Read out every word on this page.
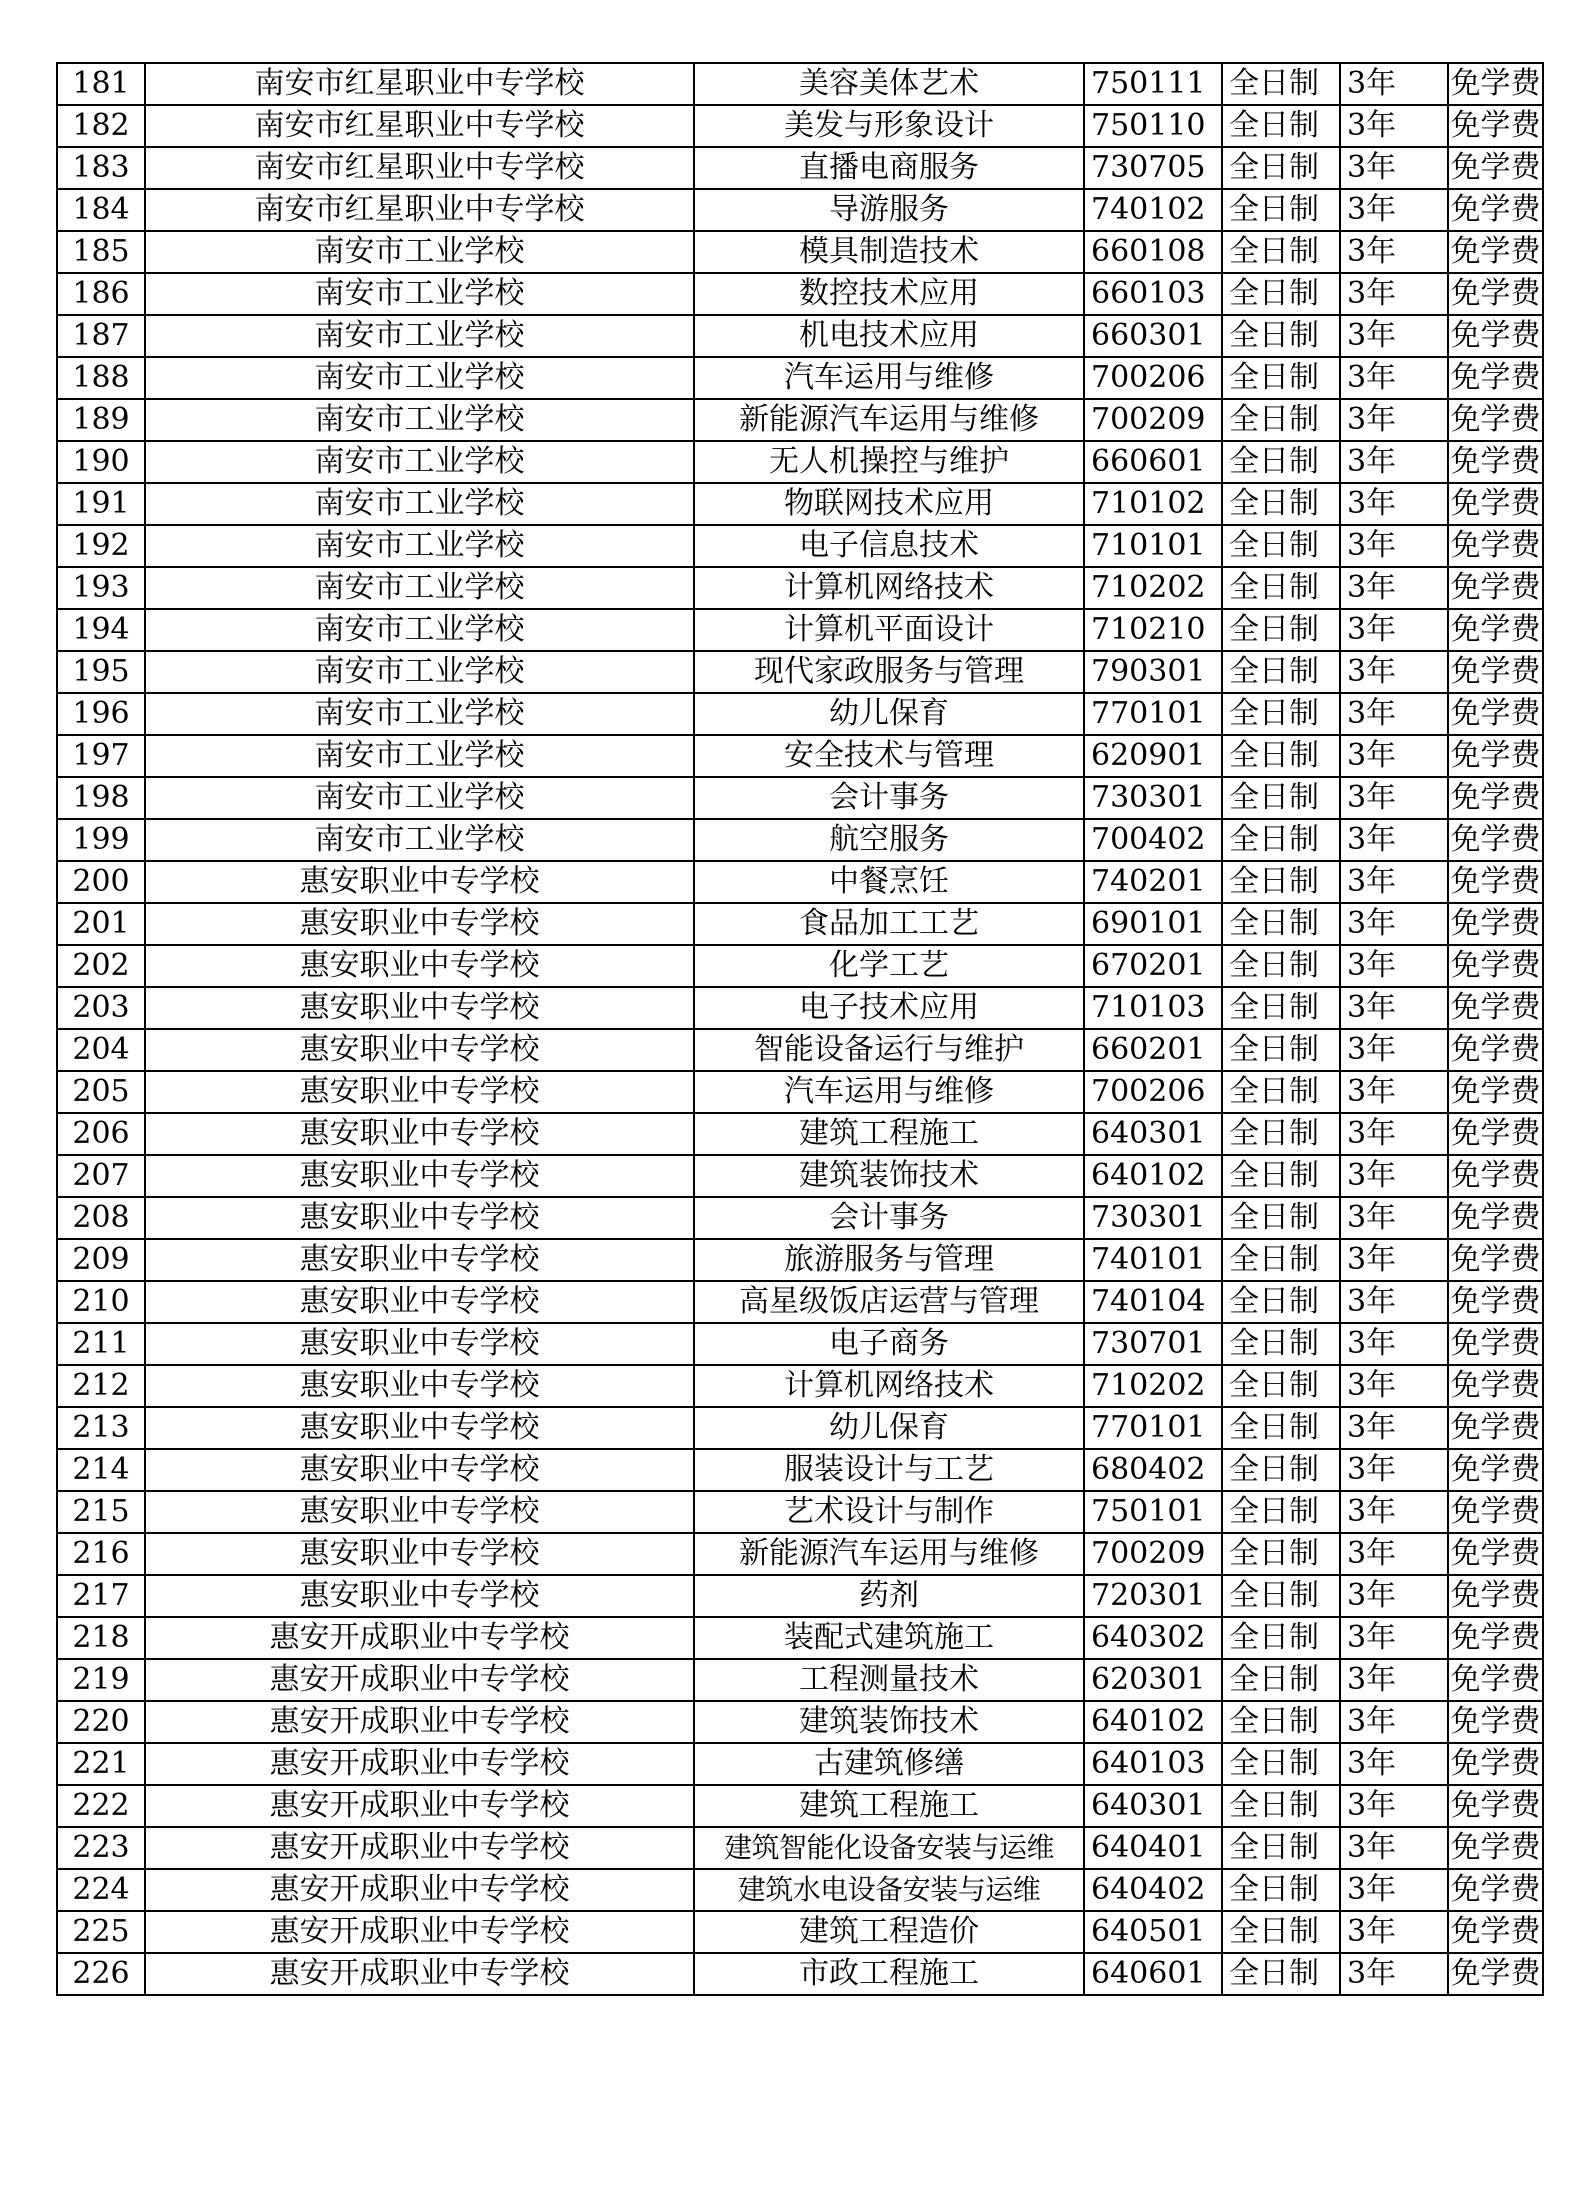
181	南安市红星职业中专学校	美容美体艺术	750111	全日制	3年	免学费
182	南安市红星职业中专学校	美发与形象设计	750110	全日制	3年	免学费
183	南安市红星职业中专学校	直播电商服务	730705	全日制	3年	免学费
184	南安市红星职业中专学校	导游服务	740102	全日制	3年	免学费
185	南安市工业学校	模具制造技术	660108	全日制	3年	免学费
186	南安市工业学校	数控技术应用	660103	全日制	3年	免学费
187	南安市工业学校	机电技术应用	660301	全日制	3年	免学费
188	南安市工业学校	汽车运用与维修	700206	全日制	3年	免学费
189	南安市工业学校	新能源汽车运用与维修	700209	全日制	3年	免学费
190	南安市工业学校	无人机操控与维护	660601	全日制	3年	免学费
191	南安市工业学校	物联网技术应用	710102	全日制	3年	免学费
192	南安市工业学校	电子信息技术	710101	全日制	3年	免学费
193	南安市工业学校	计算机网络技术	710202	全日制	3年	免学费
194	南安市工业学校	计算机平面设计	710210	全日制	3年	免学费
195	南安市工业学校	现代家政服务与管理	790301	全日制	3年	免学费
196	南安市工业学校	幼儿保育	770101	全日制	3年	免学费
197	南安市工业学校	安全技术与管理	620901	全日制	3年	免学费
198	南安市工业学校	会计事务	730301	全日制	3年	免学费
199	南安市工业学校	航空服务	700402	全日制	3年	免学费
200	惠安职业中专学校	中餐烹饪	740201	全日制	3年	免学费
201	惠安职业中专学校	食品加工工艺	690101	全日制	3年	免学费
202	惠安职业中专学校	化学工艺	670201	全日制	3年	免学费
203	惠安职业中专学校	电子技术应用	710103	全日制	3年	免学费
204	惠安职业中专学校	智能设备运行与维护	660201	全日制	3年	免学费
205	惠安职业中专学校	汽车运用与维修	700206	全日制	3年	免学费
206	惠安职业中专学校	建筑工程施工	640301	全日制	3年	免学费
207	惠安职业中专学校	建筑装饰技术	640102	全日制	3年	免学费
208	惠安职业中专学校	会计事务	730301	全日制	3年	免学费
209	惠安职业中专学校	旅游服务与管理	740101	全日制	3年	免学费
210	惠安职业中专学校	高星级饭店运营与管理	740104	全日制	3年	免学费
211	惠安职业中专学校	电子商务	730701	全日制	3年	免学费
212	惠安职业中专学校	计算机网络技术	710202	全日制	3年	免学费
213	惠安职业中专学校	幼儿保育	770101	全日制	3年	免学费
214	惠安职业中专学校	服装设计与工艺	680402	全日制	3年	免学费
215	惠安职业中专学校	艺术设计与制作	750101	全日制	3年	免学费
216	惠安职业中专学校	新能源汽车运用与维修	700209	全日制	3年	免学费
217	惠安职业中专学校	药剂	720301	全日制	3年	免学费
218	惠安开成职业中专学校	装配式建筑施工	640302	全日制	3年	免学费
219	惠安开成职业中专学校	工程测量技术	620301	全日制	3年	免学费
220	惠安开成职业中专学校	建筑装饰技术	640102	全日制	3年	免学费
221	惠安开成职业中专学校	古建筑修缮	640103	全日制	3年	免学费
222	惠安开成职业中专学校	建筑工程施工	640301	全日制	3年	免学费
223	惠安开成职业中专学校	建筑智能化设备安装与运维	640401	全日制	3年	免学费
224	惠安开成职业中专学校	建筑水电设备安装与运维	640402	全日制	3年	免学费
225	惠安开成职业中专学校	建筑工程造价	640501	全日制	3年	免学费
226	惠安开成职业中专学校	市政工程施工	640601	全日制	3年	免学费
